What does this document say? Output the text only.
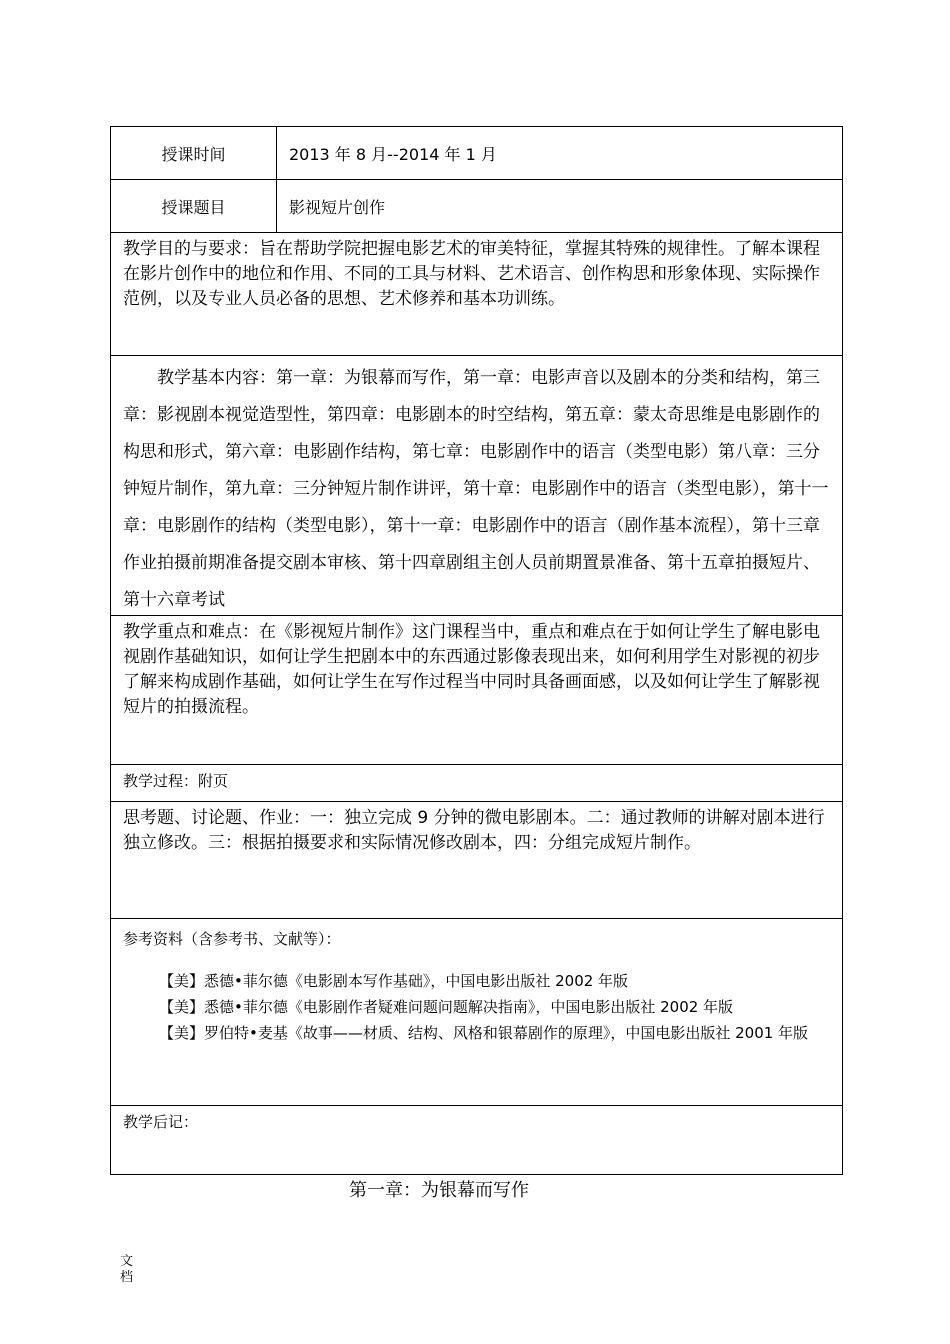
授课时间	2013 年 8 月--2014 年 1 月
授课题目	影视短片创作
教学目的与要求：旨在帮助学院把握电影艺术的审美特征，掌握其特殊的规律性。了解本课程在影片创作中的地位和作用、不同的工具与材料、艺术语言、创作构思和形象体现、实际操作范例，以及专业人员必备的思想、艺术修养和基本功训练。
教学基本内容：第一章：为银幕而写作，第一章：电影声音以及剧本的分类和结构，第三章：影视剧本视觉造型性，第四章：电影剧本的时空结构，第五章：蒙太奇思维是电影剧作的构思和形式，第六章：电影剧作结构，第七章：电影剧作中的语言（类型电影）第八章：三分钟短片制作，第九章：三分钟短片制作讲评，第十章：电影剧作中的语言（类型电影），第十一章：电影剧作的结构（类型电影），第十一章：电影剧作中的语言（剧作基本流程），第十三章作业拍摄前期准备提交剧本审核、第十四章剧组主创人员前期置景准备、第十五章拍摄短片、第十六章考试
教学重点和难点：在《影视短片制作》这门课程当中，重点和难点在于如何让学生了解电影电视剧作基础知识，如何让学生把剧本中的东西通过影像表现出来，如何利用学生对影视的初步了解来构成剧作基础，如何让学生在写作过程当中同时具备画面感，以及如何让学生了解影视短片的拍摄流程。
教学过程：附页
思考题、讨论题、作业：一：独立完成 9 分钟的微电影剧本。二：通过教师的讲解对剧本进行独立修改。三：根据拍摄要求和实际情况修改剧本，四：分组完成短片制作。

参考资料（含参考书、文献等）：

【美】悉德•菲尔德《电影剧本写作基础》，中国电影出版社 2002 年版

【美】悉德•菲尔德《电影剧作者疑难问题问题解决指南》，中国电影出版社 2002 年版

【美】罗伯特•麦基《故事——材质、结构、风格和银幕剧作的原理》，中国电影出版社 2001 年版

教学后记：
第一章：为银幕而写作
文档
